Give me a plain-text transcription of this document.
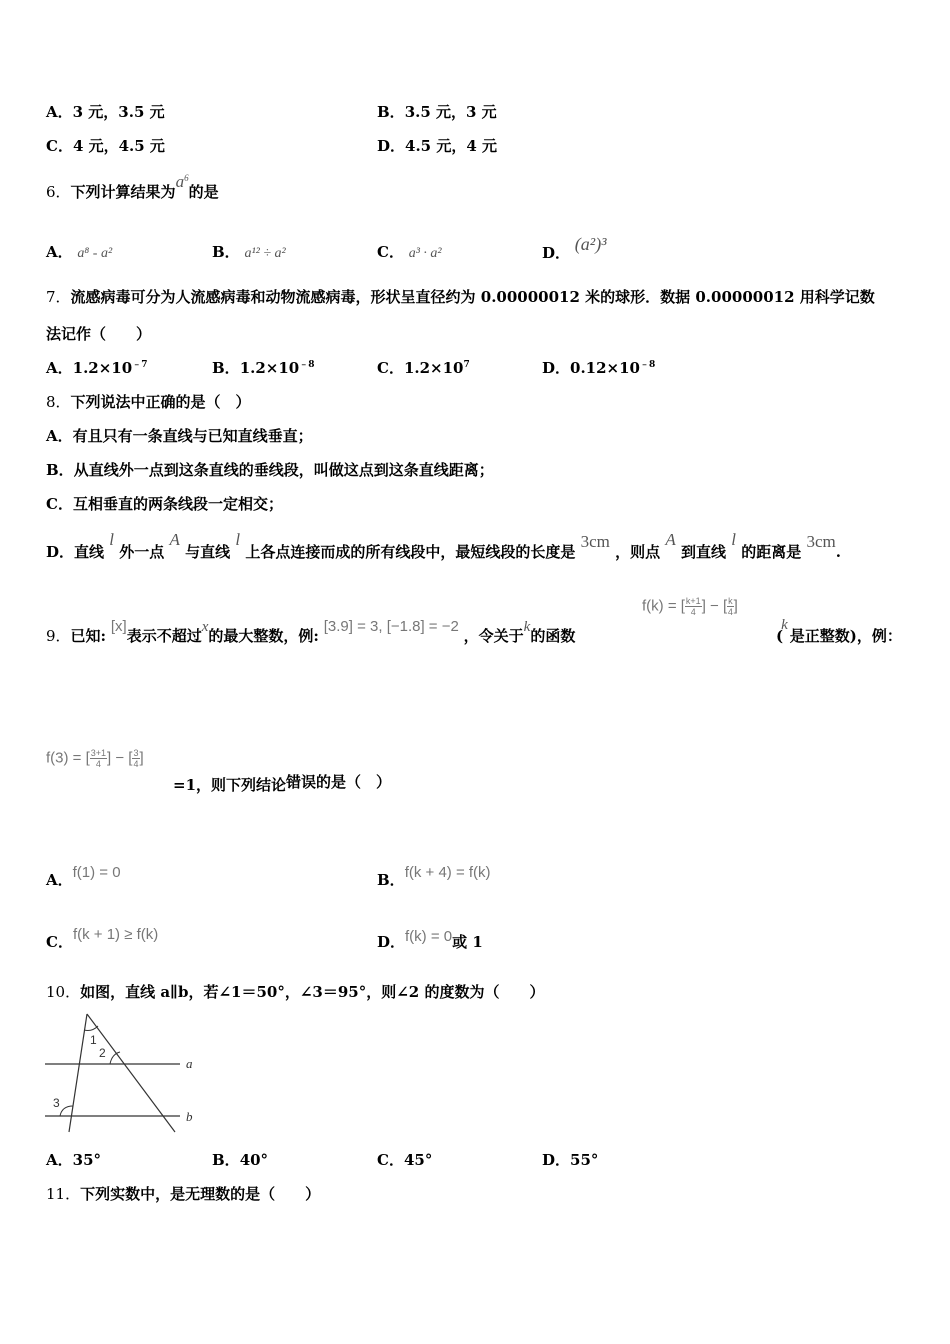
A．3 元，3.5 元	B．3.5 元，3 元
C．4 元，4.5 元	D．4.5 元，4 元
6．下列计算结果为$a^6$的是
A． a⁸ - a²	B． a¹² ÷ a²	C． a³ · a²	D． (a²)³
7．流感病毒可分为人流感病毒和动物流感病毒，形状呈直径约为 0.00000012 米的球形．数据 0.00000012 用科学记数
法记作（　　）
A．$1.2\times 10^{﹣7}$	B．$1.2\times 10^{﹣8}$	C．$1.2\times 10^7$	D．$0.12\times 10^{﹣8}$
8．下列说法中正确的是（　）
A．有且只有一条直线与已知直线垂直；
B．从直线外一点到这条直线的垂线段，叫做这点到这条直线距离；
C．互相垂直的两条线段一定相交；
D．直线 l 外一点 A 与直线 l 上各点连接而成的所有线段中，最短线段的长度是 3cm ，则点 A 到直线 l 的距离是 3cm.
9．已知: [x]表示不超过x的最大整数，例: [3.9] = 3, [−1.8] = −2 ，令关于k的函数
f(k) = [ $\frac{k+1}{4}$ ] − [ $\frac{k}{4}$ ]
(k是正整数)，例：
f(3) = [ $\frac{3+1}{4}$ ] − [ $\frac{3}{4}$ ]
=1，则下列结论错误的是（　）
A．f(1) = 0	B．f(k + 4) = f(k)
C．f(k + 1) ≥ f(k)	D．f(k) = 0或 1
10．如图，直线 a∥b，若∠1＝50°，∠3＝95°，则∠2 的度数为（　　）
1
2
3
a
b
A．35°	B．40°	C．45°	D．55°
11．下列实数中，是无理数的是（　　）
